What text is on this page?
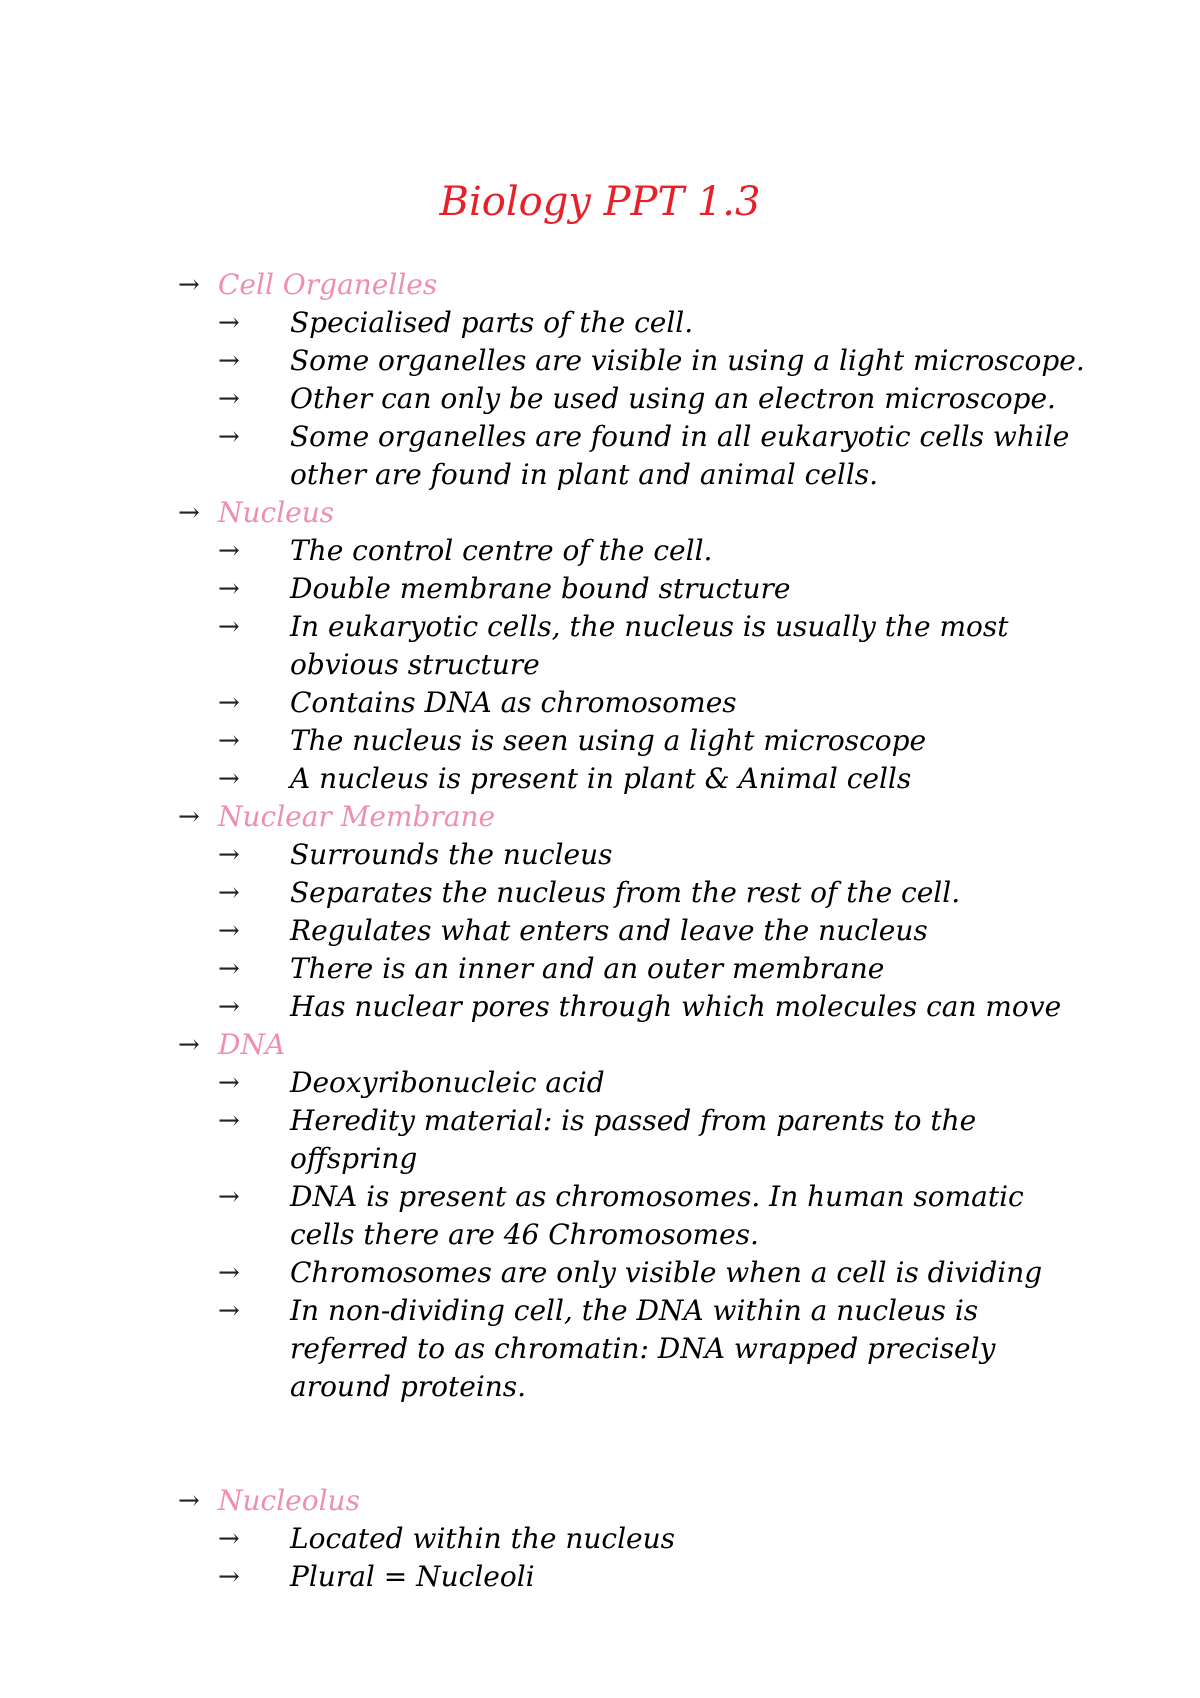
Biology PPT 1.3
→ Cell Organelles
→ Specialised parts of the cell.
→ Some organelles are visible in using a light microscope.
→ Other can only be used using an electron microscope.
→ Some organelles are found in all eukaryotic cells while other are found in plant and animal cells.
→ Nucleus
→ The control centre of the cell.
→ Double membrane bound structure
→ In eukaryotic cells, the nucleus is usually the most obvious structure
→ Contains DNA as chromosomes
→ The nucleus is seen using a light microscope
→ A nucleus is present in plant & Animal cells
→ Nuclear Membrane
→ Surrounds the nucleus
→ Separates the nucleus from the rest of the cell.
→ Regulates what enters and leave the nucleus
→ There is an inner and an outer membrane
→ Has nuclear pores through which molecules can move
→ DNA
→ Deoxyribonucleic acid
→ Heredity material: is passed from parents to the offspring
→ DNA is present as chromosomes. In human somatic cells there are 46 Chromosomes.
→ Chromosomes are only visible when a cell is dividing
→ In non-dividing cell, the DNA within a nucleus is referred to as chromatin: DNA wrapped precisely around proteins.
→ Nucleolus
→ Located within the nucleus
→ Plural = Nucleoli
